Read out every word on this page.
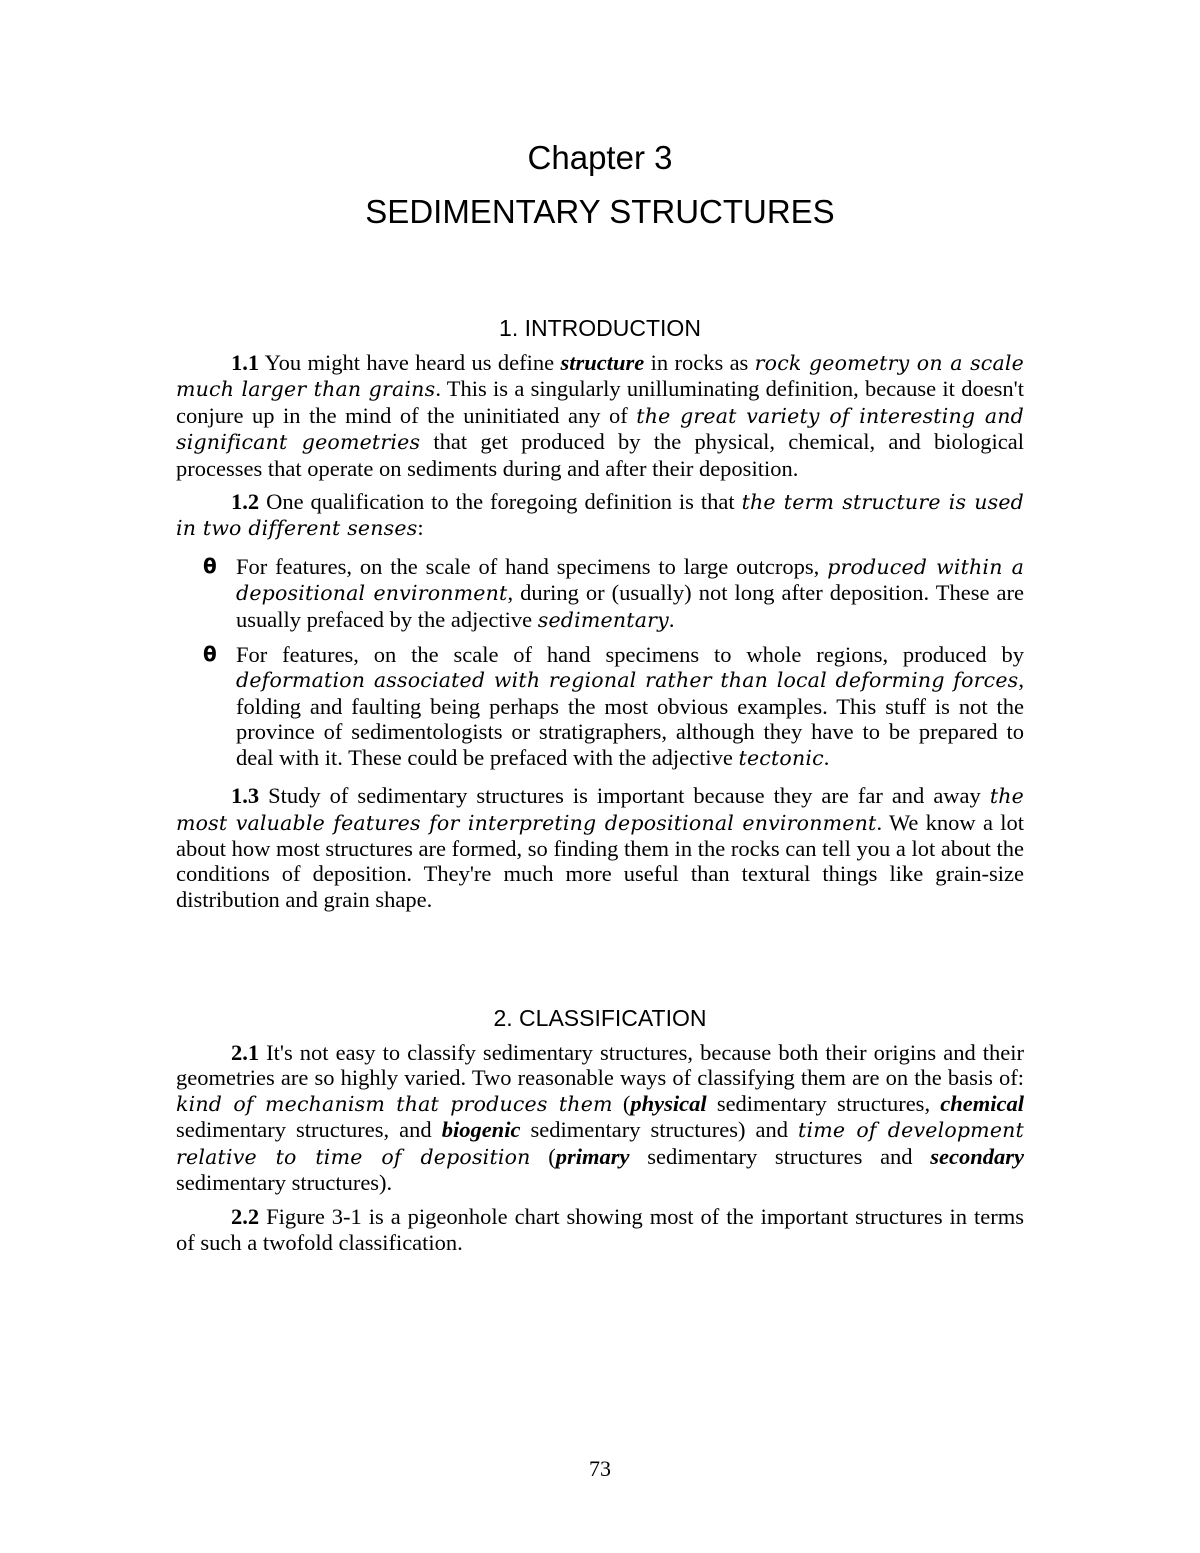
Chapter 3
SEDIMENTARY STRUCTURES
1. INTRODUCTION

1.1 You might have heard us define structure in rocks as rock geometry on a scale much larger than grains. This is a singularly unilluminating definition, because it doesn't conjure up in the mind of the uninitiated any of the great variety of interesting and significant geometries that get produced by the physical, chemical, and biological processes that operate on sediments during and after their deposition.

1.2 One qualification to the foregoing definition is that the term structure is used in two different senses:

θ For features, on the scale of hand specimens to large outcrops, produced within a depositional environment, during or (usually) not long after deposition. These are usually prefaced by the adjective sedimentary.
θ For features, on the scale of hand specimens to whole regions, produced by deformation associated with regional rather than local deforming forces, folding and faulting being perhaps the most obvious examples. This stuff is not the province of sedimentologists or stratigraphers, although they have to be prepared to deal with it. These could be prefaced with the adjective tectonic.

1.3 Study of sedimentary structures is important because they are far and away the most valuable features for interpreting depositional environment. We know a lot about how most structures are formed, so finding them in the rocks can tell you a lot about the conditions of deposition. They're much more useful than textural things like grain-size distribution and grain shape.

2. CLASSIFICATION

2.1 It's not easy to classify sedimentary structures, because both their origins and their geometries are so highly varied. Two reasonable ways of classifying them are on the basis of: kind of mechanism that produces them (physical sedimentary structures, chemical sedimentary structures, and biogenic sedimentary structures) and time of development relative to time of deposition (primary sedimentary structures and secondary sedimentary structures).

2.2 Figure 3-1 is a pigeonhole chart showing most of the important structures in terms of such a twofold classification.

73
